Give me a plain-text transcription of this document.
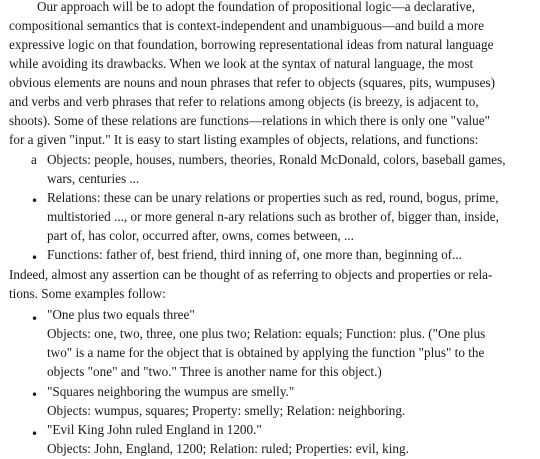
Our approach will be to adopt the foundation of propositional logic—a declarative,
compositional semantics that is context-independent and unambiguous—and build a more
expressive logic on that foundation, borrowing representational ideas from natural language
while avoiding its drawbacks. When we look at the syntax of natural language, the most
obvious elements are nouns and noun phrases that refer to objects (squares, pits, wumpuses)
and verbs and verb phrases that refer to relations among objects (is breezy, is adjacent to,
shoots). Some of these relations are functions—relations in which there is only one "value"
for a given "input." It is easy to start listing examples of objects, relations, and functions:
a Objects: people, houses, numbers, theories, Ronald McDonald, colors, baseball games,
wars, centuries ...
• Relations: these can be unary relations or properties such as red, round, bogus, prime,
multistoried ..., or more general n-ary relations such as brother of, bigger than, inside,
part of, has color, occurred after, owns, comes between, ...
• Functions: father of, best friend, third inning of, one more than, beginning of...
Indeed, almost any assertion can be thought of as referring to objects and properties or rela-
tions. Some examples follow:
• "One plus two equals three"
Objects: one, two, three, one plus two; Relation: equals; Function: plus. ("One plus
two" is a name for the object that is obtained by applying the function "plus" to the
objects "one" and "two." Three is another name for this object.)
• "Squares neighboring the wumpus are smelly."
Objects: wumpus, squares; Property: smelly; Relation: neighboring.
• "Evil King John ruled England in 1200."
Objects: John, England, 1200; Relation: ruled; Properties: evil, king.
